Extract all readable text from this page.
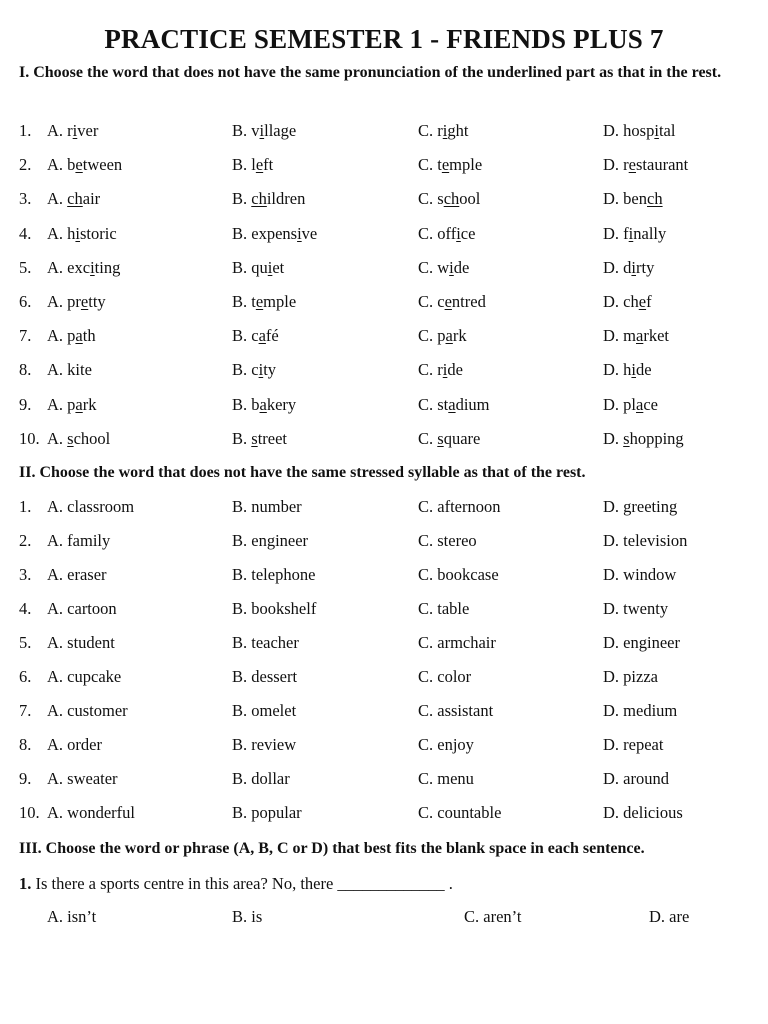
PRACTICE SEMESTER 1 - FRIENDS PLUS 7

I. Choose the word that does not have the same pronunciation of the underlined part as that in the rest.

1. A. river	B. village	C. right	D. hospital
2. A. between	B. left	C. temple	D. restaurant
3. A. chair	B. children	C. school	D. bench
4. A. historic	B. expensive	C. office	D. finally
5. A. exciting	B. quiet	C. wide	D. dirty
6. A. pretty	B. temple	C. centred	D. chef
7. A. path	B. café	C. park	D. market
8. A. kite	B. city	C. ride	D. hide
9. A. park	B. bakery	C. stadium	D. place
10. A. school	B. street	C. square	D. shopping

II. Choose the word that does not have the same stressed syllable as that of the rest.

1. A. classroom	B. number	C. afternoon	D. greeting
2. A. family	B. engineer	C. stereo	D. television
3. A. eraser	B. telephone	C. bookcase	D. window
4. A. cartoon	B. bookshelf	C. table	D. twenty
5. A. student	B. teacher	C. armchair	D. engineer
6. A. cupcake	B. dessert	C. color	D. pizza
7. A. customer	B. omelet	C. assistant	D. medium
8. A. order	B. review	C. enjoy	D. repeat
9. A. sweater	B. dollar	C. menu	D. around
10. A. wonderful	B. popular	C. countable	D. delicious

III. Choose the word or phrase (A, B, C or D) that best fits the blank space in each sentence.

1. Is there a sports centre in this area? No, there _____________ .
A. isn’t	B. is	C. aren’t	D. are
